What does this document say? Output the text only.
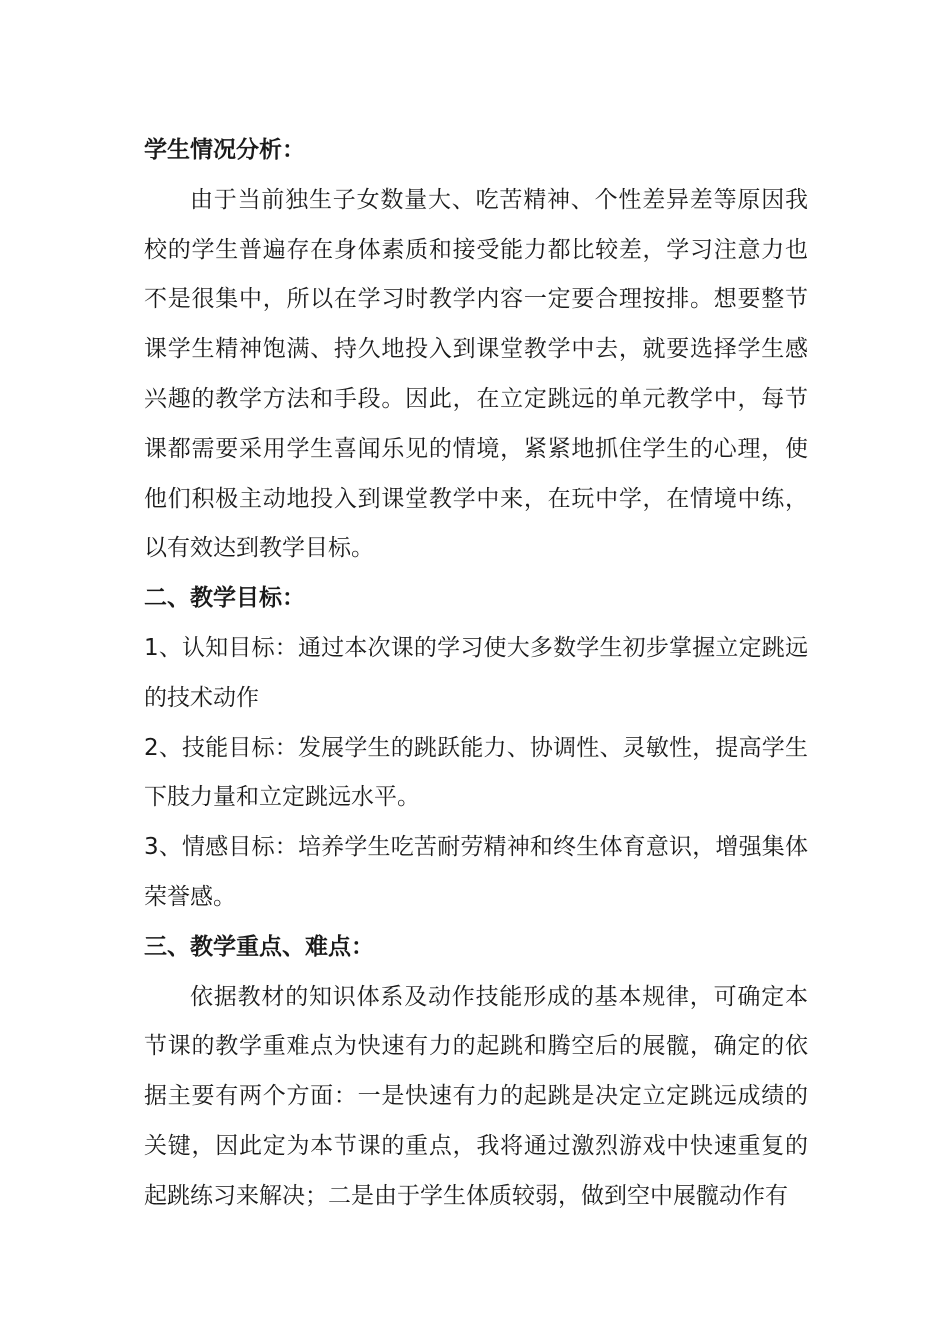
学生情况分析：

由于当前独生子女数量大、吃苦精神、个性差异差等原因我校的学生普遍存在身体素质和接受能力都比较差，学习注意力也不是很集中，所以在学习时教学内容一定要合理按排。想要整节课学生精神饱满、持久地投入到课堂教学中去，就要选择学生感兴趣的教学方法和手段。因此，在立定跳远的单元教学中，每节课都需要采用学生喜闻乐见的情境，紧紧地抓住学生的心理，使他们积极主动地投入到课堂教学中来，在玩中学，在情境中练，以有效达到教学目标。

二、教学目标：

1、认知目标：通过本次课的学习使大多数学生初步掌握立定跳远的技术动作

2、技能目标：发展学生的跳跃能力、协调性、灵敏性，提高学生下肢力量和立定跳远水平。

3、情感目标：培养学生吃苦耐劳精神和终生体育意识，增强集体荣誉感。

三、教学重点、难点：

依据教材的知识体系及动作技能形成的基本规律，可确定本节课的教学重难点为快速有力的起跳和腾空后的展髋，确定的依据主要有两个方面：一是快速有力的起跳是决定立定跳远成绩的关键，因此定为本节课的重点，我将通过激烈游戏中快速重复的起跳练习来解决；二是由于学生体质较弱，做到空中展髋动作有
